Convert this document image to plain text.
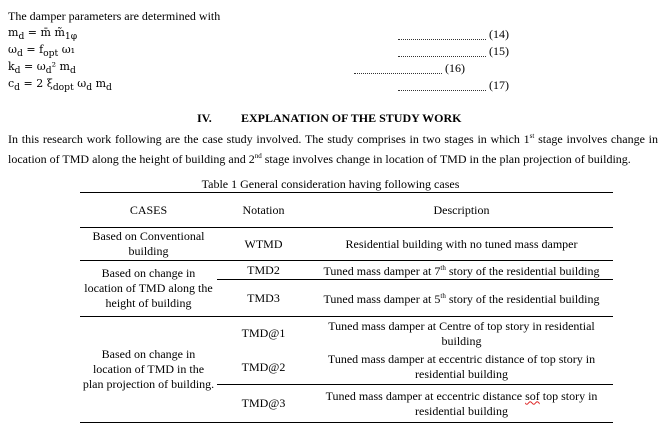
The damper parameters are determined with
$m_d$ = m̄ $m̃_{1\varphi}$	(14)
$\omega_d = f_{opt}$ ω₁	(15)
$k_d = \omega_d^2$ $m_d$	(16)
$c_d = 2$ $\xi_{dopt}$ $\omega_d$ $m_d$	(17)
IV. EXPLANATION OF THE STUDY WORK
In this research work following are the case study involved. The study comprises in two stages in which 1st stage involves change in location of TMD along the height of building and 2nd stage involves change in location of TMD in the plan projection of building.
Table 1 General consideration having following cases
CASES	Notation	Description
Based on Conventional building	WTMD	Residential building with no tuned mass damper
Based on change in location of TMD along the height of building	TMD2	Tuned mass damper at 7th story of the residential building
	TMD3	Tuned mass damper at 5th story of the residential building
Based on change in location of TMD in the plan projection of building.	TMD@1	Tuned mass damper at Centre of top story in residential building
	TMD@2	Tuned mass damper at eccentric distance of top story in residential building
	TMD@3	Tuned mass damper at eccentric distance sof top story in residential building
